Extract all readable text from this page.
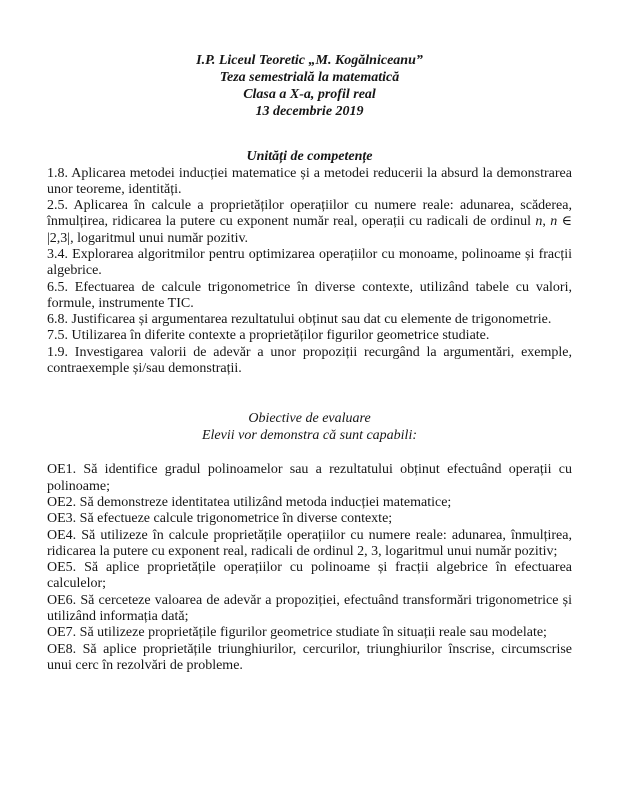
I.P. Liceul Teoretic „M. Kogălniceanu”
Teza semestrială la matematică
Clasa a X-a, profil real
13 decembrie 2019
Unități de competențe

1.8. Aplicarea metodei inducției matematice și a metodei reducerii la absurd la demonstrarea unor teoreme, identități.

2.5. Aplicarea în calcule a proprietăților operațiilor cu numere reale: adunarea, scăderea, înmulțirea, ridicarea la putere cu exponent număr real, operații cu radicali de ordinul n, n ∈ |2,3|, logaritmul unui număr pozitiv.

3.4. Explorarea algoritmilor pentru optimizarea operațiilor cu monoame, polinoame și fracții algebrice.

6.5. Efectuarea de calcule trigonometrice în diverse contexte, utilizând tabele cu valori, formule, instrumente TIC.

6.8. Justificarea și argumentarea rezultatului obținut sau dat cu elemente de trigonometrie.

7.5. Utilizarea în diferite contexte a proprietăților figurilor geometrice studiate.

1.9. Investigarea valorii de adevăr a unor propoziții recurgând la argumentări, exemple, contraexemple și/sau demonstrații.

Obiective de evaluare
Elevii vor demonstra că sunt capabili:

OE1. Să identifice gradul polinoamelor sau a rezultatului obținut efectuând operații cu polinoame;

OE2. Să demonstreze identitatea utilizând metoda inducției matematice;

OE3. Să efectueze calcule trigonometrice în diverse contexte;

OE4. Să utilizeze în calcule proprietățile operațiilor cu numere reale: adunarea, înmulțirea, ridicarea la putere cu exponent real, radicali de ordinul 2, 3, logaritmul unui număr pozitiv;

OE5. Să aplice proprietățile operațiilor cu polinoame și fracții algebrice în efectuarea calculelor;

OE6. Să cerceteze valoarea de adevăr a propoziției, efectuând transformări trigonometrice și utilizând informația dată;

OE7. Să utilizeze proprietățile figurilor geometrice studiate în situații reale sau modelate;

OE8. Să aplice proprietățile triunghiurilor, cercurilor, triunghiurilor înscrise, circumscrise unui cerc în rezolvări de probleme.
